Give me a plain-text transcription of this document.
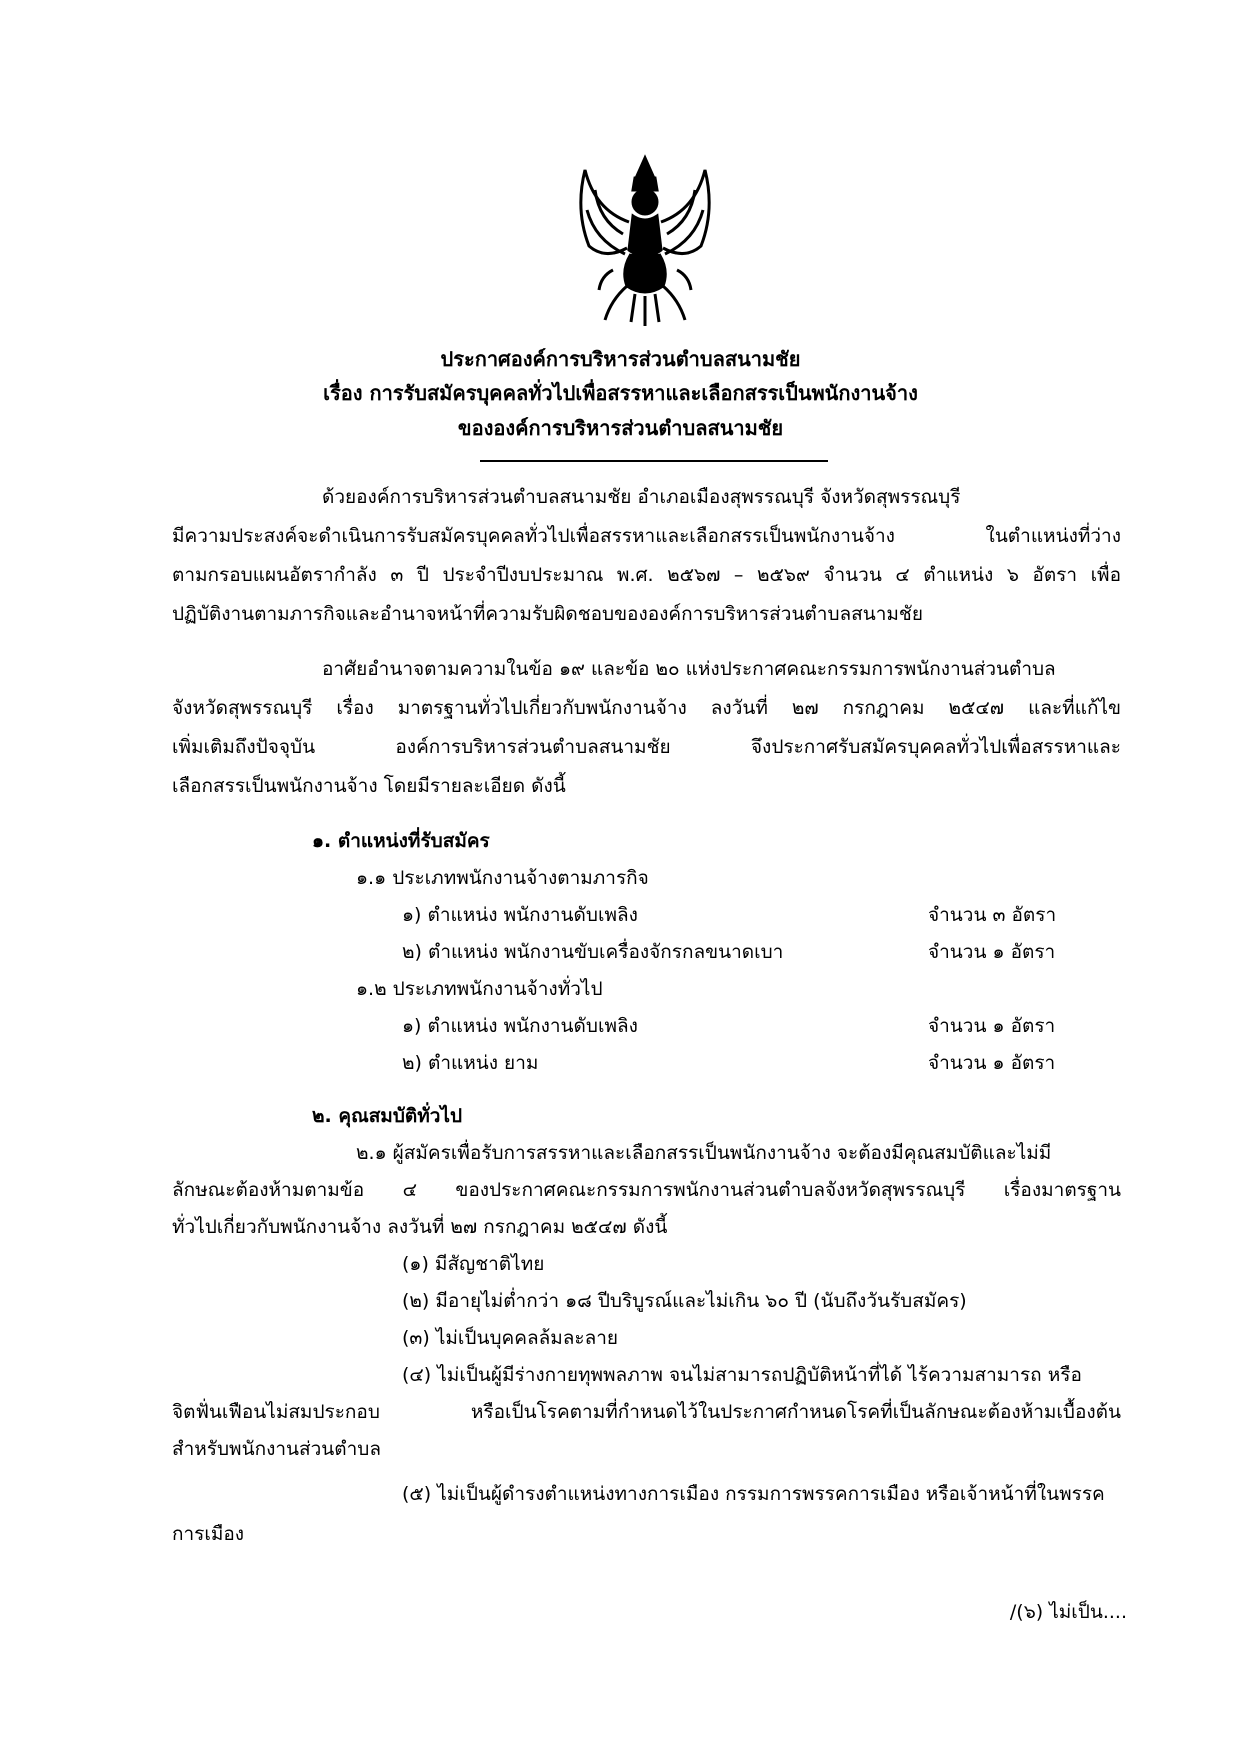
ประกาศองค์การบริหารส่วนตำบลสนามชัย
เรื่อง การรับสมัครบุคคลทั่วไปเพื่อสรรหาและเลือกสรรเป็นพนักงานจ้าง
ขององค์การบริหารส่วนตำบลสนามชัย
ด้วยองค์การบริหารส่วนตำบลสนามชัย อำเภอเมืองสุพรรณบุรี จังหวัดสุพรรณบุรี
มีความประสงค์จะดำเนินการรับสมัครบุคคลทั่วไปเพื่อสรรหาและเลือกสรรเป็นพนักงานจ้าง ในตำแหน่งที่ว่าง
ตามกรอบแผนอัตรากำลัง ๓ ปี ประจำปีงบประมาณ พ.ศ. ๒๕๖๗ – ๒๕๖๙ จำนวน ๔ ตำแหน่ง ๖ อัตรา เพื่อ
ปฏิบัติงานตามภารกิจและอำนาจหน้าที่ความรับผิดชอบขององค์การบริหารส่วนตำบลสนามชัย
อาศัยอำนาจตามความในข้อ ๑๙ และข้อ ๒๐ แห่งประกาศคณะกรรมการพนักงานส่วนตำบล
จังหวัดสุพรรณบุรี เรื่อง มาตรฐานทั่วไปเกี่ยวกับพนักงานจ้าง ลงวันที่ ๒๗ กรกฎาคม ๒๕๔๗ และที่แก้ไข
เพิ่มเติมถึงปัจจุบัน องค์การบริหารส่วนตำบลสนามชัย จึงประกาศรับสมัครบุคคลทั่วไปเพื่อสรรหาและ
เลือกสรรเป็นพนักงานจ้าง โดยมีรายละเอียด ดังนี้
๑. ตำแหน่งที่รับสมัคร
๑.๑ ประเภทพนักงานจ้างตามภารกิจ
๑) ตำแหน่ง พนักงานดับเพลิง	จำนวน ๓ อัตรา
๒) ตำแหน่ง พนักงานขับเครื่องจักรกลขนาดเบา	จำนวน ๑ อัตรา
๑.๒ ประเภทพนักงานจ้างทั่วไป
๑) ตำแหน่ง พนักงานดับเพลิง	จำนวน ๑ อัตรา
๒) ตำแหน่ง ยาม	จำนวน ๑ อัตรา
๒. คุณสมบัติทั่วไป
๒.๑ ผู้สมัครเพื่อรับการสรรหาและเลือกสรรเป็นพนักงานจ้าง จะต้องมีคุณสมบัติและไม่มี
ลักษณะต้องห้ามตามข้อ ๔ ของประกาศคณะกรรมการพนักงานส่วนตำบลจังหวัดสุพรรณบุรี เรื่องมาตรฐาน
ทั่วไปเกี่ยวกับพนักงานจ้าง ลงวันที่ ๒๗ กรกฎาคม ๒๕๔๗ ดังนี้
(๑) มีสัญชาติไทย
(๒) มีอายุไม่ต่ำกว่า ๑๘ ปีบริบูรณ์และไม่เกิน ๖๐ ปี (นับถึงวันรับสมัคร)
(๓) ไม่เป็นบุคคลล้มละลาย
(๔) ไม่เป็นผู้มีร่างกายทุพพลภาพ จนไม่สามารถปฏิบัติหน้าที่ได้ ไร้ความสามารถ หรือ
จิตฟั่นเฟือนไม่สมประกอบ หรือเป็นโรคตามที่กำหนดไว้ในประกาศกำหนดโรคที่เป็นลักษณะต้องห้ามเบื้องต้น
สำหรับพนักงานส่วนตำบล
(๕) ไม่เป็นผู้ดำรงตำแหน่งทางการเมือง กรรมการพรรคการเมือง หรือเจ้าหน้าที่ในพรรค
การเมือง
/(๖) ไม่เป็น....
